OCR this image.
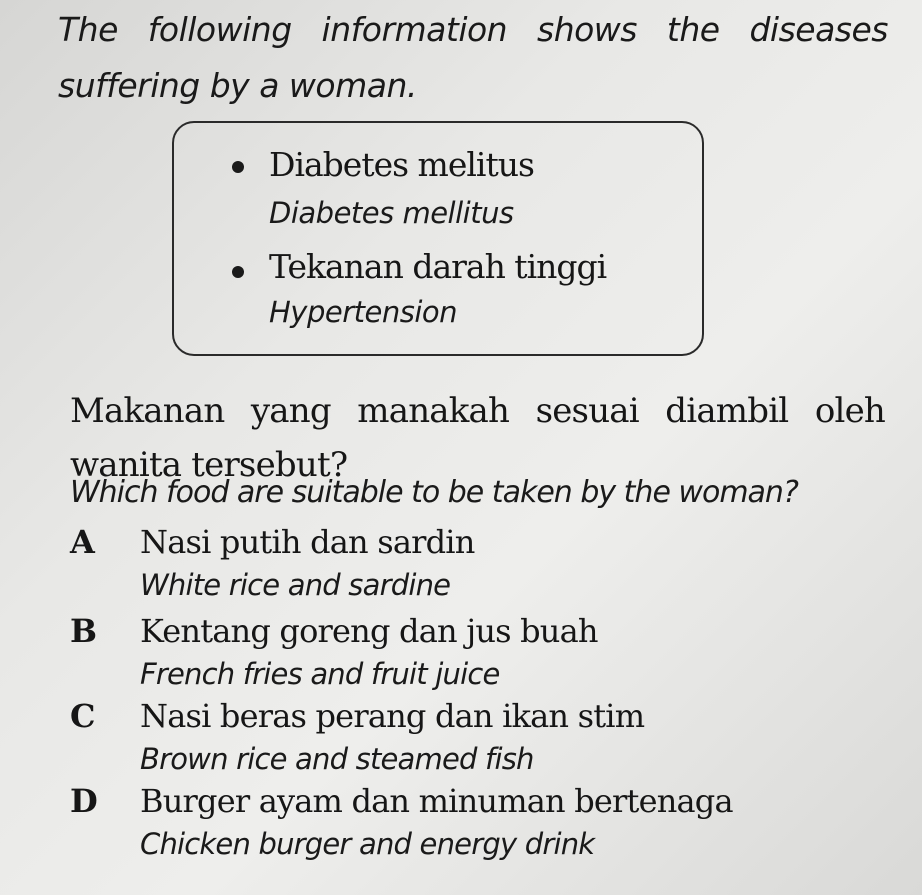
The following information shows the diseases
suffering by a woman.
Diabetes melitus
Diabetes mellitus
Tekanan darah tinggi
Hypertension
Makanan yang manakah sesuai diambil oleh
wanita tersebut?
Which food are suitable to be taken by the woman?
A Nasi putih dan sardin
White rice and sardine
B Kentang goreng dan jus buah
French fries and fruit juice
C Nasi beras perang dan ikan stim
Brown rice and steamed fish
D Burger ayam dan minuman bertenaga
Chicken burger and energy drink
